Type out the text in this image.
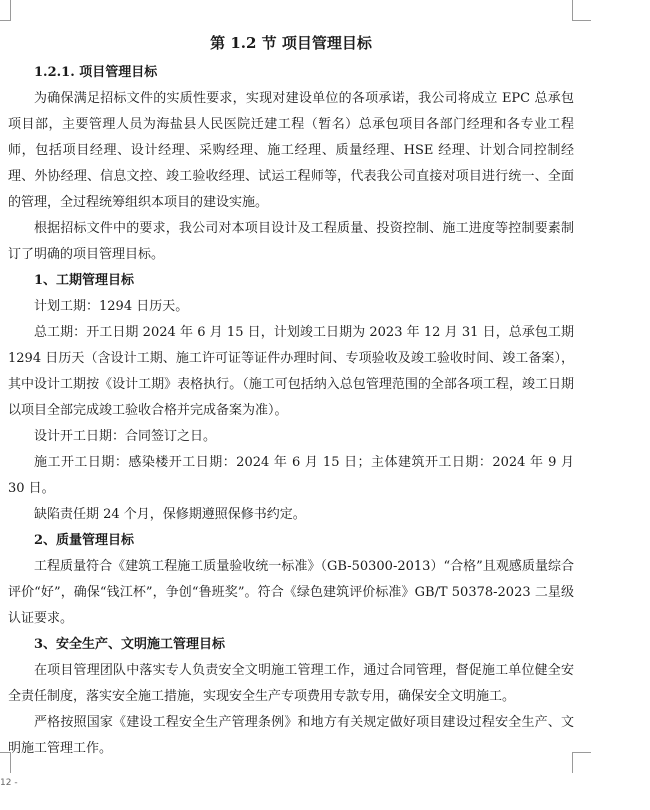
第 1.2 节 项目管理目标

1.2.1. 项目管理目标

为确保满足招标文件的实质性要求，实现对建设单位的各项承诺，我公司将成立 EPC 总承包项目部，主要管理人员为海盐县人民医院迁建工程（暂名）总承包项目各部门经理和各专业工程师，包括项目经理、设计经理、采购经理、施工经理、质量经理、HSE 经理、计划合同控制经理、外协经理、信息文控、竣工验收经理、试运工程师等，代表我公司直接对项目进行统一、全面的管理，全过程统筹组织本项目的建设实施。

根据招标文件中的要求，我公司对本项目设计及工程质量、投资控制、施工进度等控制要素制订了明确的项目管理目标。

1、工期管理目标

计划工期：1294 日历天。

总工期：开工日期 2024 年 6 月 15 日，计划竣工日期为 2023 年 12 月 31 日，总承包工期 1294 日历天（含设计工期、施工许可证等证件办理时间、专项验收及竣工验收时间、竣工备案），其中设计工期按《设计工期》表格执行。（施工可包括纳入总包管理范围的全部各项工程，竣工日期以项目全部完成竣工验收合格并完成备案为准）。

设计开工日期：合同签订之日。

施工开工日期：感染楼开工日期：2024 年 6 月 15 日；主体建筑开工日期：2024 年 9 月 30 日。

缺陷责任期 24 个月，保修期遵照保修书约定。

2、质量管理目标

工程质量符合《建筑工程施工质量验收统一标准》（GB-50300-2013）“合格”且观感质量综合评价“好”，确保“钱江杯”，争创“鲁班奖”。符合《绿色建筑评价标准》GB/T 50378-2023 二星级认证要求。

3、安全生产、文明施工管理目标

在项目管理团队中落实专人负责安全文明施工管理工作，通过合同管理，督促施工单位健全安全责任制度，落实安全施工措施，实现安全生产专项费用专款专用，确保安全文明施工。

严格按照国家《建设工程安全生产管理条例》和地方有关规定做好项目建设过程安全生产、文明施工管理工作。

12 -
